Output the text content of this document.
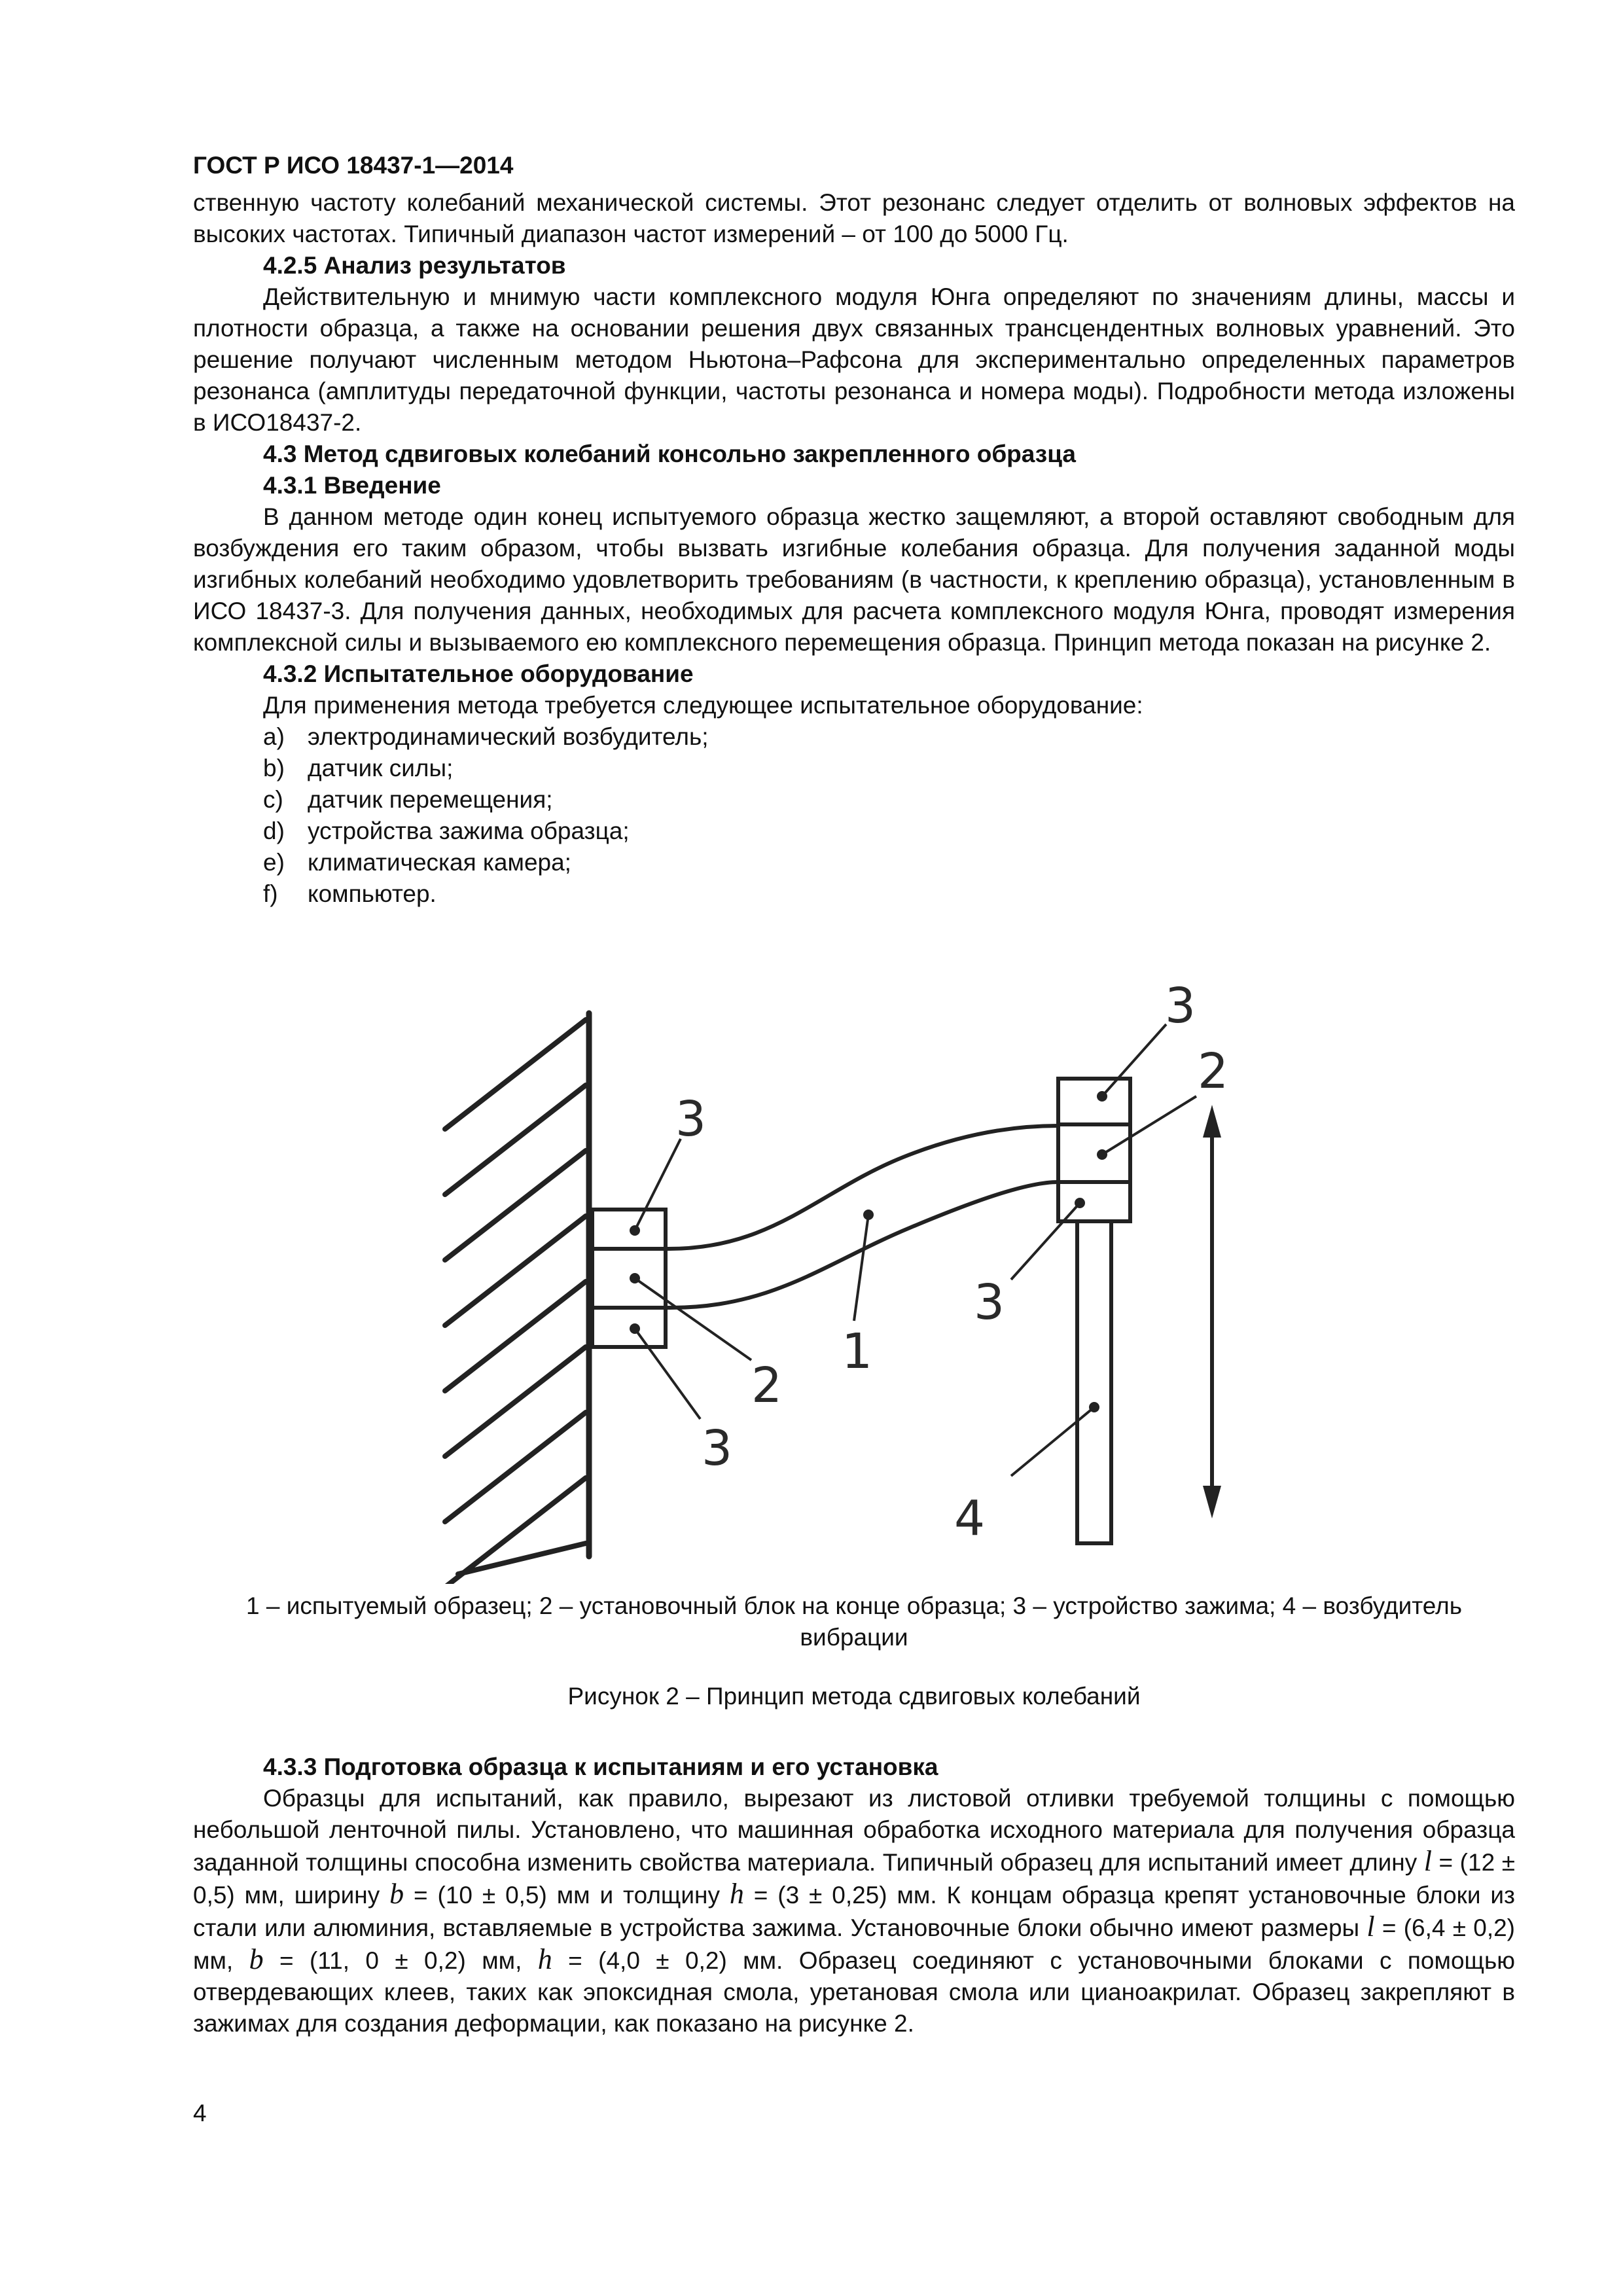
ГОСТ Р ИСО 18437-1—2014

ственную частоту колебаний механической системы. Этот резонанс следует отделить от волновых эффектов на высоких частотах. Типичный диапазон частот измерений – от 100 до 5000 Гц.

4.2.5 Анализ результатов

Действительную и мнимую части комплексного модуля Юнга определяют по значениям длины, массы и плотности образца, а также на основании решения двух связанных трансцендентных волновых уравнений. Это решение получают численным методом Ньютона–Рафсона для экспериментально определенных параметров резонанса (амплитуды передаточной функции, частоты резонанса и номера моды). Подробности метода изложены в ИСО18437-2.

4.3 Метод сдвиговых колебаний консольно закрепленного образца

4.3.1 Введение

В данном методе один конец испытуемого образца жестко защемляют, а второй оставляют свободным для возбуждения его таким образом, чтобы вызвать изгибные колебания образца. Для получения заданной моды изгибных колебаний необходимо удовлетворить требованиям (в частности, к креплению образца), установленным в ИСО 18437-3. Для получения данных, необходимых для расчета комплексного модуля Юнга, проводят измерения комплексной силы и вызываемого ею комплексного перемещения образца. Принцип метода показан на рисунке 2.

4.3.2 Испытательное оборудование

Для применения метода требуется следующее испытательное оборудование:

a) электродинамический возбудитель;
b) датчик силы;
c) датчик перемещения;
d) устройства зажима образца;
e) климатическая камера;
f) компьютер.
3
2
3
3
2
3
1
4
1 – испытуемый образец; 2 – установочный блок на конце образца; 3 – устройство зажима; 4 – возбудитель вибрации
Рисунок 2 – Принцип метода сдвиговых колебаний

4.3.3 Подготовка образца к испытаниям и его установка

Образцы для испытаний, как правило, вырезают из листовой отливки требуемой толщины с помощью небольшой ленточной пилы. Установлено, что машинная обработка исходного материала для получения образца заданной толщины способна изменить свойства материала. Типичный образец для испытаний имеет длину l = (12 ± 0,5) мм, ширину b = (10 ± 0,5) мм и толщину h = (3 ± 0,25) мм. К концам образца крепят установочные блоки из стали или алюминия, вставляемые в устройства зажима. Установочные блоки обычно имеют размеры l = (6,4 ± 0,2) мм, b = (11, 0 ± 0,2) мм, h = (4,0 ± 0,2) мм. Образец соединяют с установочными блоками с помощью отвердевающих клеев, таких как эпоксидная смола, уретановая смола или цианоакрилат. Образец закрепляют в зажимах для создания деформации, как показано на рисунке 2.

4
